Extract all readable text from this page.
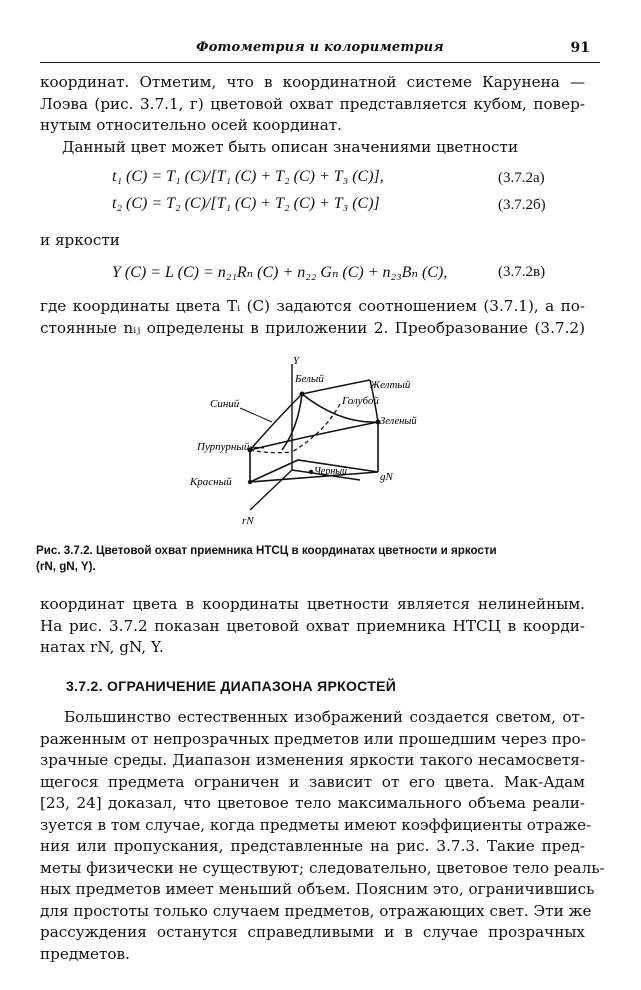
Фотометрия и колориметрия	91
координат. Отметим, что в координатной системе Карунена —
Лоэва (рис. 3.7.1, г) цветовой охват представляется кубом, повер-
нутым относительно осей координат.
Данный цвет может быть описан значениями цветности
t₁ (C) = T₁ (C)/[T₁ (C) + T₂ (C) + T₃ (C)],	(3.7.2a)
t₂ (C) = T₂ (C)/[T₁ (C) + T₂ (C) + T₃ (C)]	(3.7.2б)
и яркости
Y (C) = L (C) = n₂₁Rₙ (C) + n₂₂ Gₙ (C) + n₂₃Bₙ (C),	(3.7.2в)
где координаты цвета Tᵢ (C) задаются соотношением (3.7.1), а по-
стоянные nᵢⱼ определены в приложении 2. Преобразование (3.7.2)
Y
Белый	Желтый
Синий	Голубой
Зеленый
Пурпурный
Черный
Красный	gN
rN
Рис. 3.7.2. Цветовой охват приемника НТСЦ в координатах цветности и яркости
(rN, gN, Y).
координат цвета в координаты цветности является нелинейным.
На рис. 3.7.2 показан цветовой охват приемника НТСЦ в коорди-
натах rN, gN, Y.
3.7.2. ОГРАНИЧЕНИЕ ДИАПАЗОНА ЯРКОСТЕЙ
Большинство естественных изображений создается светом, от-
раженным от непрозрачных предметов или прошедшим через про-
зрачные среды. Диапазон изменения яркости такого несамосветя-
щегося предмета ограничен и зависит от его цвета. Мак-Адам
[23, 24] доказал, что цветовое тело максимального объема реали-
зуется в том случае, когда предметы имеют коэффициенты отраже-
ния или пропускания, представленные на рис. 3.7.3. Такие пред-
меты физически не существуют; следовательно, цветовое тело реаль-
ных предметов имеет меньший объем. Поясним это, ограничившись
для простоты только случаем предметов, отражающих свет. Эти же
рассуждения останутся справедливыми и в случае прозрачных
предметов.
